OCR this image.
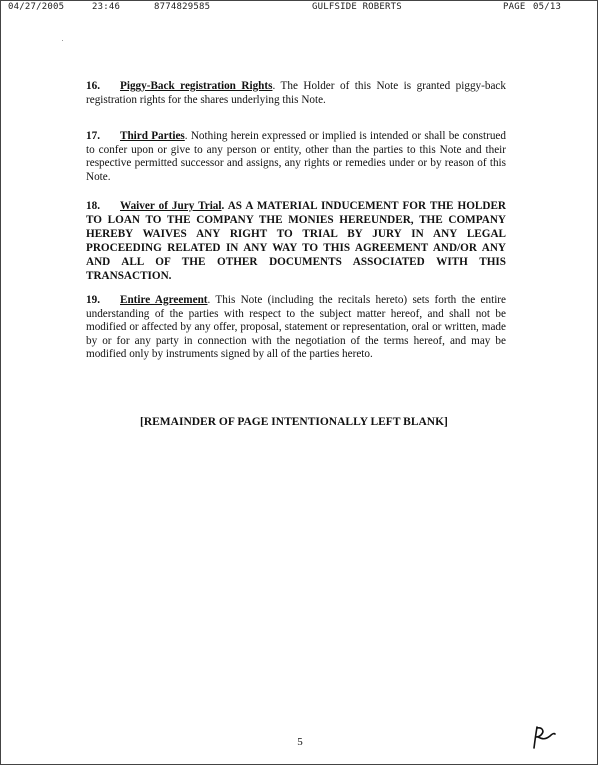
04/27/2005	23:46	8774829585	GULFSIDE ROBERTS	PAGE 05/13

16. Piggy-Back registration Rights. The Holder of this Note is granted piggy-back registration rights for the shares underlying this Note.

17. Third Parties. Nothing herein expressed or implied is intended or shall be construed to confer upon or give to any person or entity, other than the parties to this Note and their respective permitted successor and assigns, any rights or remedies under or by reason of this Note.

18. Waiver of Jury Trial. AS A MATERIAL INDUCEMENT FOR THE HOLDER TO LOAN TO THE COMPANY THE MONIES HEREUNDER, THE COMPANY HEREBY WAIVES ANY RIGHT TO TRIAL BY JURY IN ANY LEGAL PROCEEDING RELATED IN ANY WAY TO THIS AGREEMENT AND/OR ANY AND ALL OF THE OTHER DOCUMENTS ASSOCIATED WITH THIS TRANSACTION.

19. Entire Agreement. This Note (including the recitals hereto) sets forth the entire understanding of the parties with respect to the subject matter hereof, and shall not be modified or affected by any offer, proposal, statement or representation, oral or written, made by or for any party in connection with the negotiation of the terms hereof, and may be modified only by instruments signed by all of the parties hereto.

[REMAINDER OF PAGE INTENTIONALLY LEFT BLANK]
5
